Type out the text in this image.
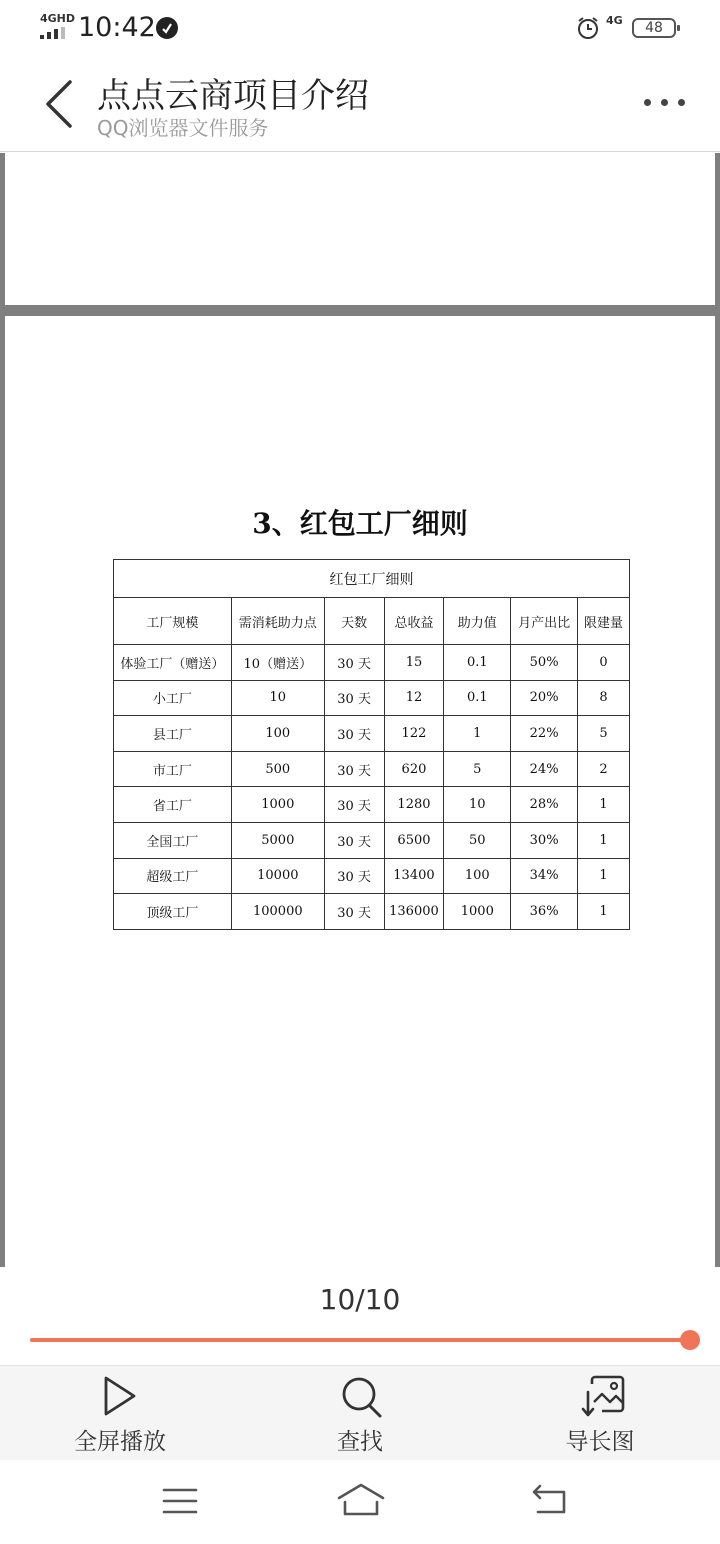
4GHD 10:42	4G	48
点点云商项目介绍
QQ浏览器文件服务
3、红包工厂细则
红包工厂细则						
工厂规模	需消耗助力点	天数	总收益	助力值	月产出比	限建量
体验工厂（赠送）	10（赠送）	30 天	15	0.1	50%	0
小工厂	10	30 天	12	0.1	20%	8
县工厂	100	30 天	122	1	22%	5
市工厂	500	30 天	620	5	24%	2
省工厂	1000	30 天	1280	10	28%	1
全国工厂	5000	30 天	6500	50	30%	1
超级工厂	10000	30 天	13400	100	34%	1
顶级工厂	100000	30 天	136000	1000	36%	1
10/10
全屏播放	查找	导长图
